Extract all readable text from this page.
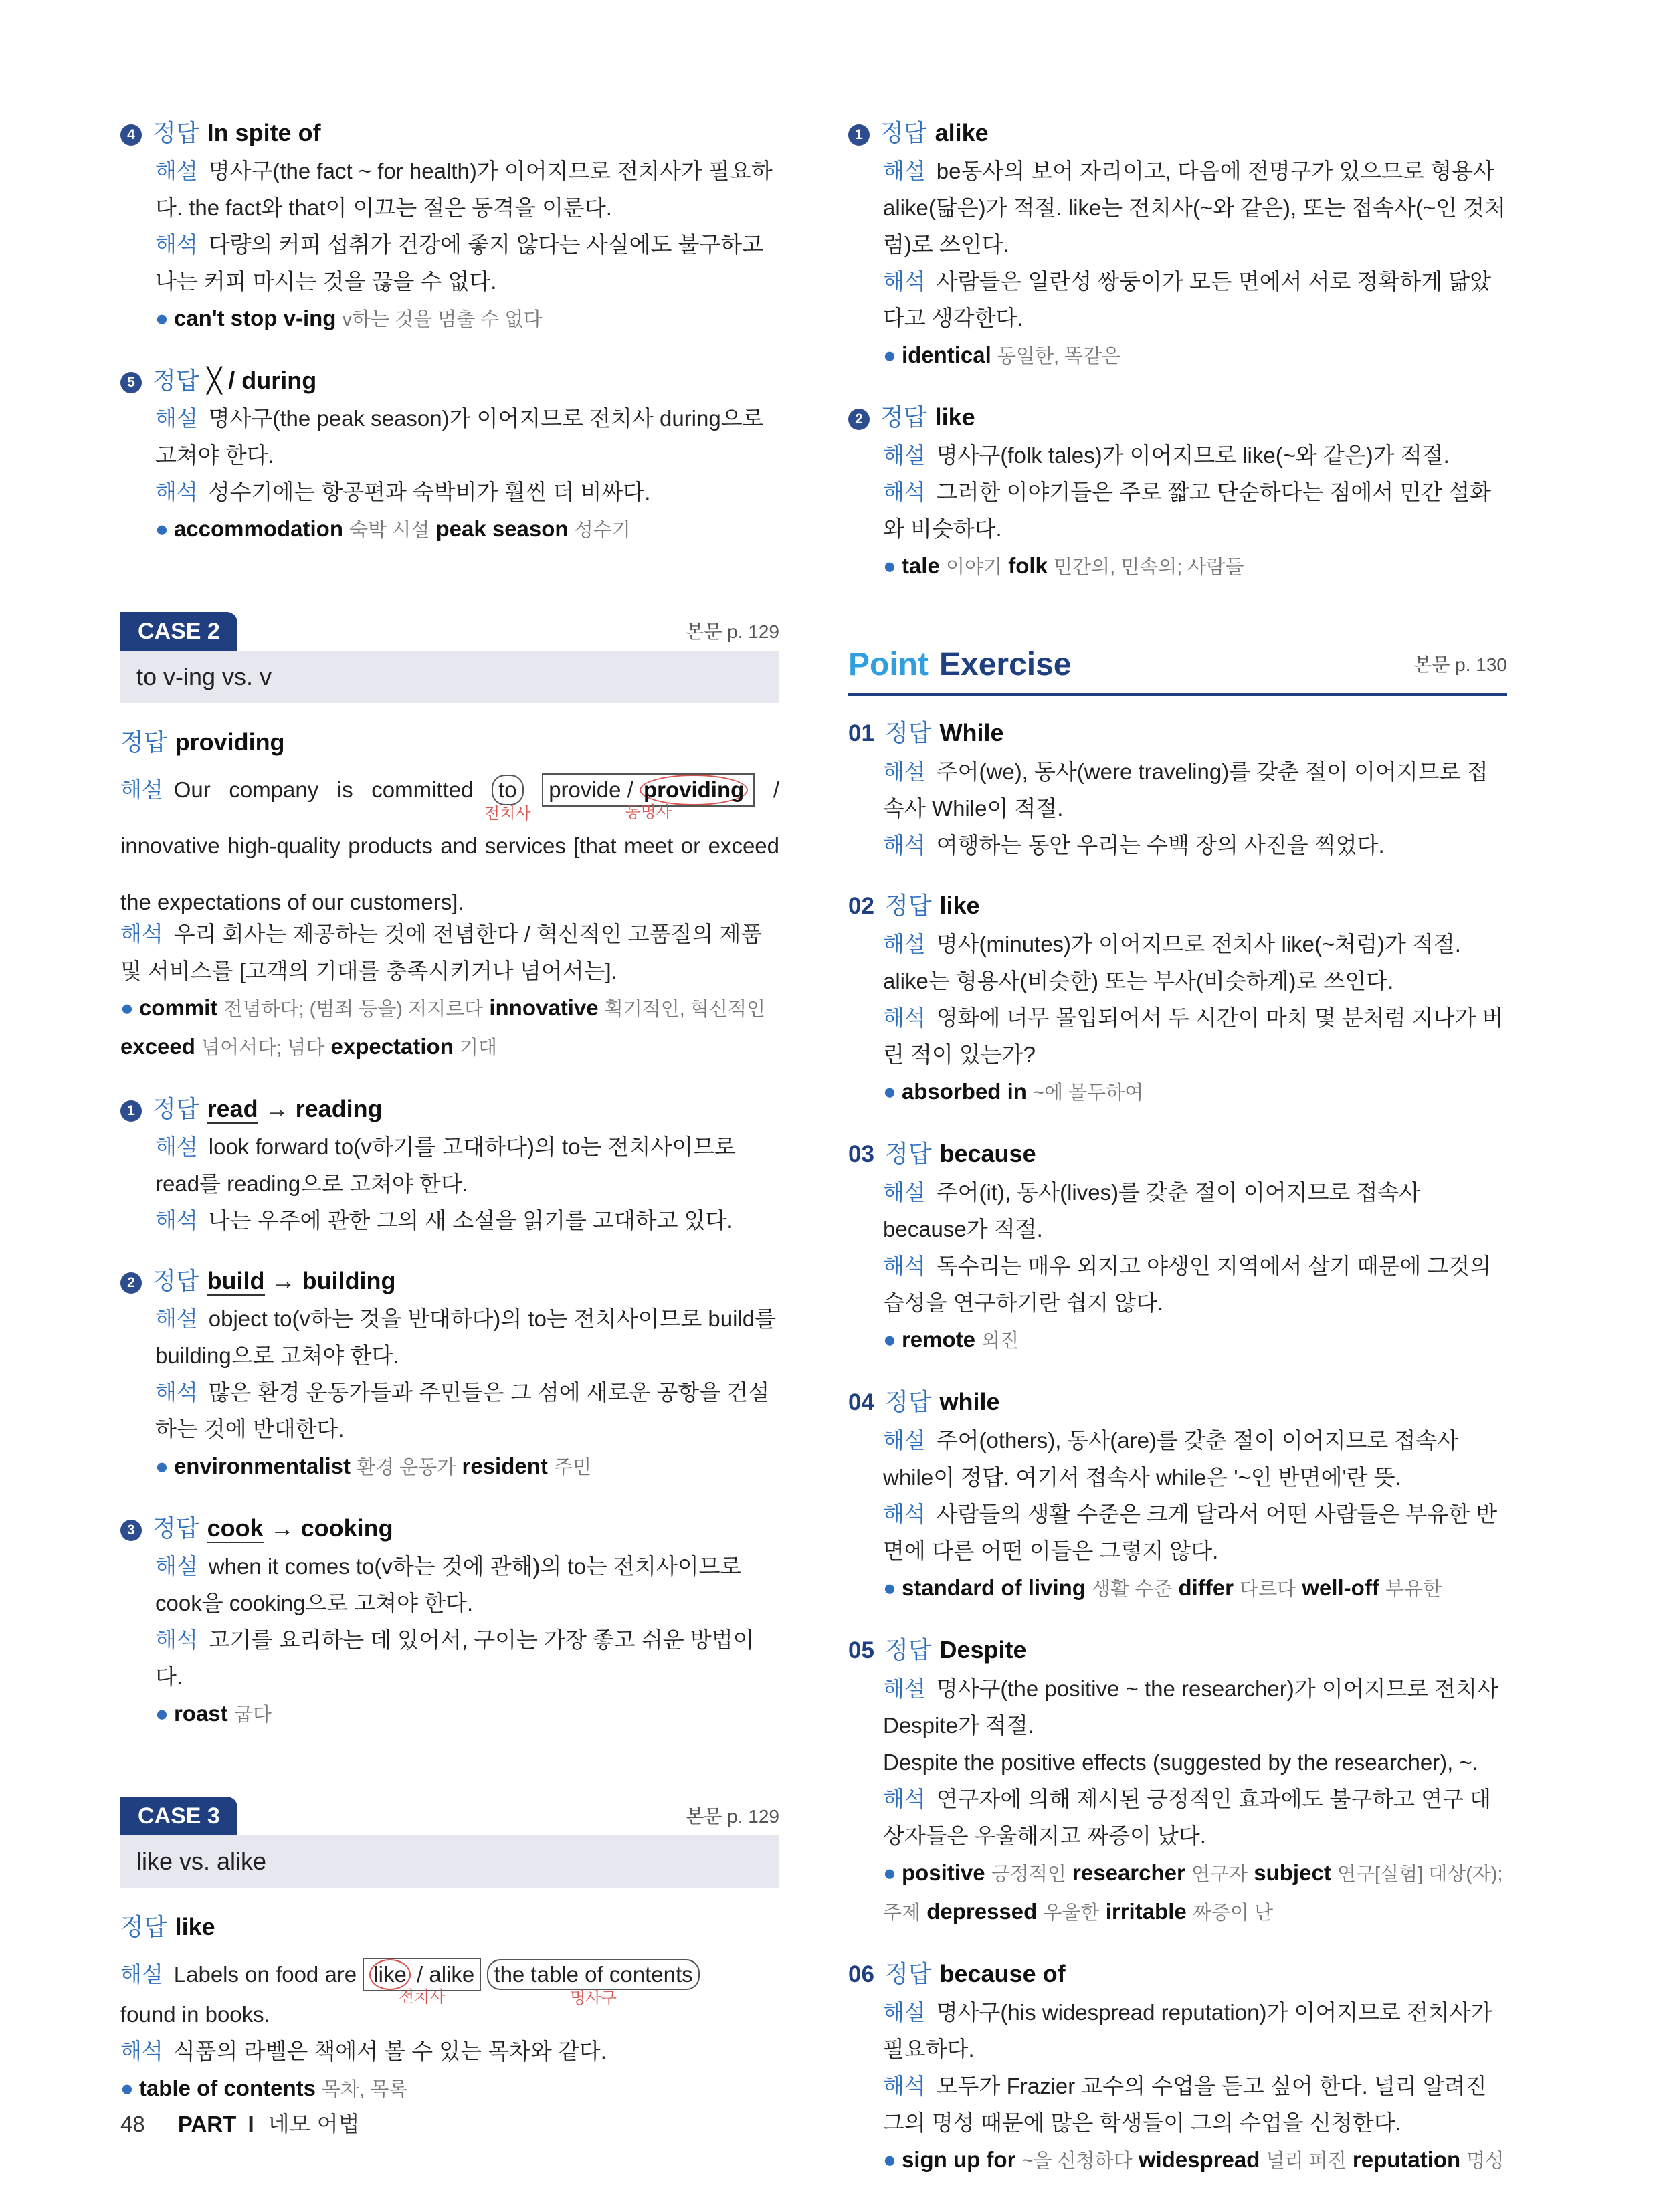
4 정답 In spite of

해설 명사구(the fact ~ for health)가 이어지므로 전치사가 필요하다. the fact와 that이 이끄는 절은 동격을 이룬다.

해석 다량의 커피 섭취가 건강에 좋지 않다는 사실에도 불구하고 나는 커피 마시는 것을 끊을 수 없다.

● can't stop v-ing v하는 것을 멈출 수 없다

5 정답 ╳ / during

해설 명사구(the peak season)가 이어지므로 전치사 during으로 고쳐야 한다.

해석 성수기에는 항공편과 숙박비가 훨씬 더 비싸다.

● accommodation 숙박 시설 peak season 성수기

CASE 2	본문 p. 129
to v-ing vs. v

정답 providing

해설 Our company is committed to
전치사
provide / providing
동명사
/ innovative high-quality products and services [that meet or exceed the expectations of our customers].

해석 우리 회사는 제공하는 것에 전념한다 / 혁신적인 고품질의 제품 및 서비스를 [고객의 기대를 충족시키거나 넘어서는].

● commit 전념하다; (범죄 등을) 저지르다 innovative 획기적인, 혁신적인 exceed 넘어서다; 넘다 expectation 기대

1 정답 read → reading

해설 look forward to(v하기를 고대하다)의 to는 전치사이므로 read를 reading으로 고쳐야 한다.

해석 나는 우주에 관한 그의 새 소설을 읽기를 고대하고 있다.

2 정답 build → building

해설 object to(v하는 것을 반대하다)의 to는 전치사이므로 build를 building으로 고쳐야 한다.

해석 많은 환경 운동가들과 주민들은 그 섬에 새로운 공항을 건설하는 것에 반대한다.

● environmentalist 환경 운동가 resident 주민

3 정답 cook → cooking

해설 when it comes to(v하는 것에 관해)의 to는 전치사이므로 cook을 cooking으로 고쳐야 한다.

해석 고기를 요리하는 데 있어서, 구이는 가장 좋고 쉬운 방법이다.

● roast 굽다

CASE 3	본문 p. 129
like vs. alike

정답 like

해설 Labels on food are like / alike
전치사
the table of contents
명사구

found in books.

해석 식품의 라벨은 책에서 볼 수 있는 목차와 같다.

● table of contents 목차, 목록

1 정답 alike

해설 be동사의 보어 자리이고, 다음에 전명구가 있으므로 형용사 alike(닮은)가 적절. like는 전치사(~와 같은), 또는 접속사(~인 것처럼)로 쓰인다.

해석 사람들은 일란성 쌍둥이가 모든 면에서 서로 정확하게 닮았다고 생각한다.

● identical 동일한, 똑같은

2 정답 like

해설 명사구(folk tales)가 이어지므로 like(~와 같은)가 적절.

해석 그러한 이야기들은 주로 짧고 단순하다는 점에서 민간 설화와 비슷하다.

● tale 이야기 folk 민간의, 민속의; 사람들

Point Exercise	본문 p. 130

01 정답 While

해설 주어(we), 동사(were traveling)를 갖춘 절이 이어지므로 접속사 While이 적절.

해석 여행하는 동안 우리는 수백 장의 사진을 찍었다.

02 정답 like

해설 명사(minutes)가 이어지므로 전치사 like(~처럼)가 적절. alike는 형용사(비슷한) 또는 부사(비슷하게)로 쓰인다.

해석 영화에 너무 몰입되어서 두 시간이 마치 몇 분처럼 지나가 버린 적이 있는가?

● absorbed in ~에 몰두하여

03 정답 because

해설 주어(it), 동사(lives)를 갖춘 절이 이어지므로 접속사 because가 적절.

해석 독수리는 매우 외지고 야생인 지역에서 살기 때문에 그것의 습성을 연구하기란 쉽지 않다.

● remote 외진

04 정답 while

해설 주어(others), 동사(are)를 갖춘 절이 이어지므로 접속사 while이 정답. 여기서 접속사 while은 '~인 반면에'란 뜻.

해석 사람들의 생활 수준은 크게 달라서 어떤 사람들은 부유한 반면에 다른 어떤 이들은 그렇지 않다.

● standard of living 생활 수준 differ 다르다 well-off 부유한

05 정답 Despite

해설 명사구(the positive ~ the researcher)가 이어지므로 전치사 Despite가 적절.

Despite the positive effects (suggested by the researcher), ~.

해석 연구자에 의해 제시된 긍정적인 효과에도 불구하고 연구 대상자들은 우울해지고 짜증이 났다.

● positive 긍정적인 researcher 연구자 subject 연구[실험] 대상(자); 주제 depressed 우울한 irritable 짜증이 난

06 정답 because of

해설 명사구(his widespread reputation)가 이어지므로 전치사가 필요하다.

해석 모두가 Frazier 교수의 수업을 듣고 싶어 한다. 널리 알려진 그의 명성 때문에 많은 학생들이 그의 수업을 신청한다.

● sign up for ~을 신청하다 widespread 널리 퍼진 reputation 명성

48 PART I 네모 어법
